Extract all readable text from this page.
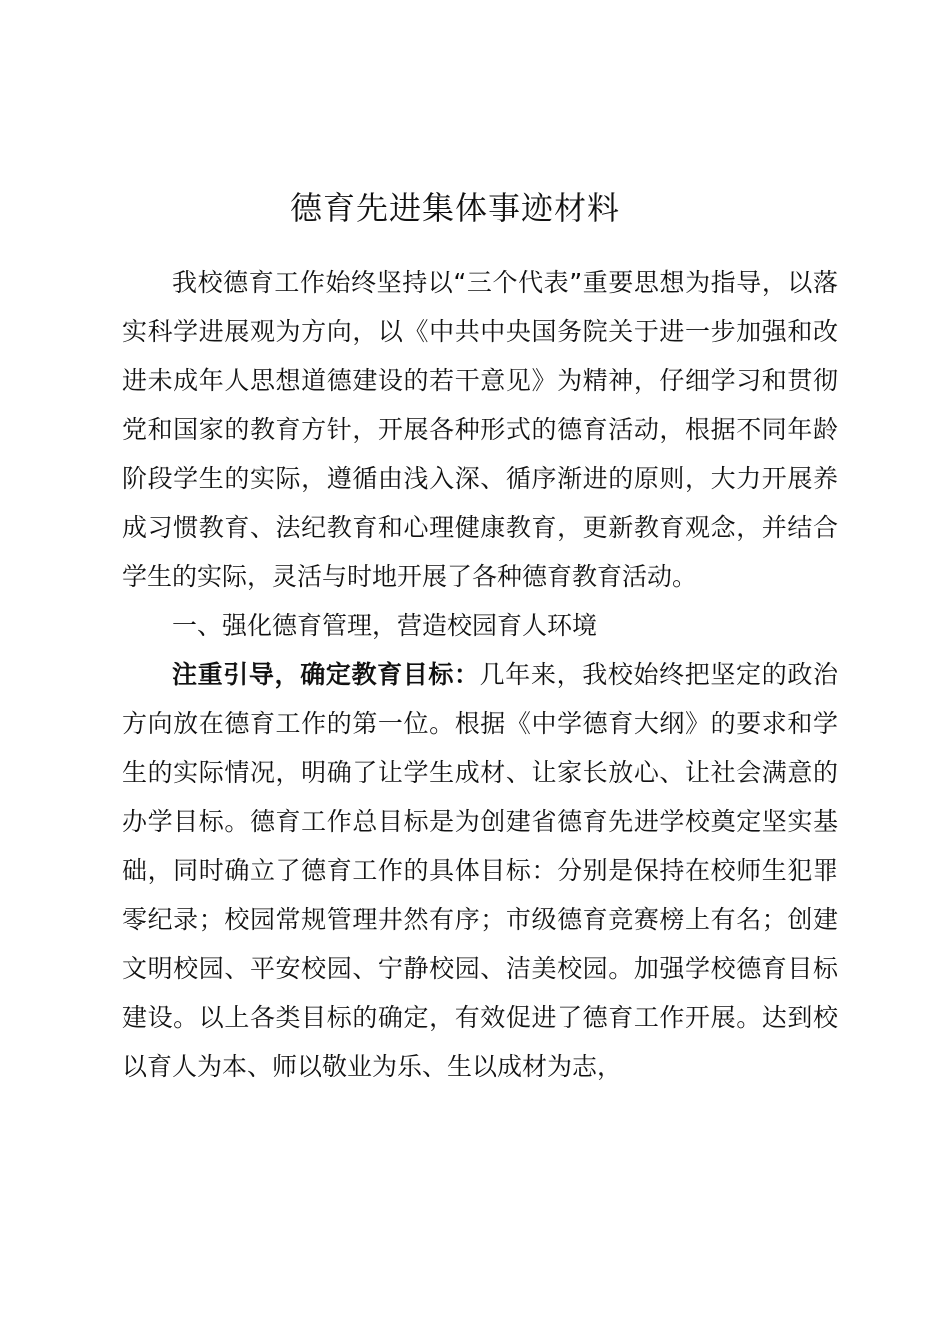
德育先进集体事迹材料

我校德育工作始终坚持以“三个代表”重要思想为指导，以落实科学进展观为方向，以《中共中央国务院关于进一步加强和改进未成年人思想道德建设的若干意见》为精神，仔细学习和贯彻党和国家的教育方针，开展各种形式的德育活动，根据不同年龄阶段学生的实际，遵循由浅入深、循序渐进的原则，大力开展养成习惯教育、法纪教育和心理健康教育，更新教育观念，并结合学生的实际，灵活与时地开展了各种德育教育活动。

一、强化德育管理，营造校园育人环境

注重引导，确定教育目标：几年来，我校始终把坚定的政治方向放在德育工作的第一位。根据《中学德育大纲》的要求和学生的实际情况，明确了让学生成材、让家长放心、让社会满意的办学目标。德育工作总目标是为创建省德育先进学校奠定坚实基础，同时确立了德育工作的具体目标：分别是保持在校师生犯罪零纪录；校园常规管理井然有序；市级德育竞赛榜上有名；创建文明校园、平安校园、宁静校园、洁美校园。加强学校德育目标建设。以上各类目标的确定，有效促进了德育工作开展。达到校以育人为本、师以敬业为乐、生以成材为志，
